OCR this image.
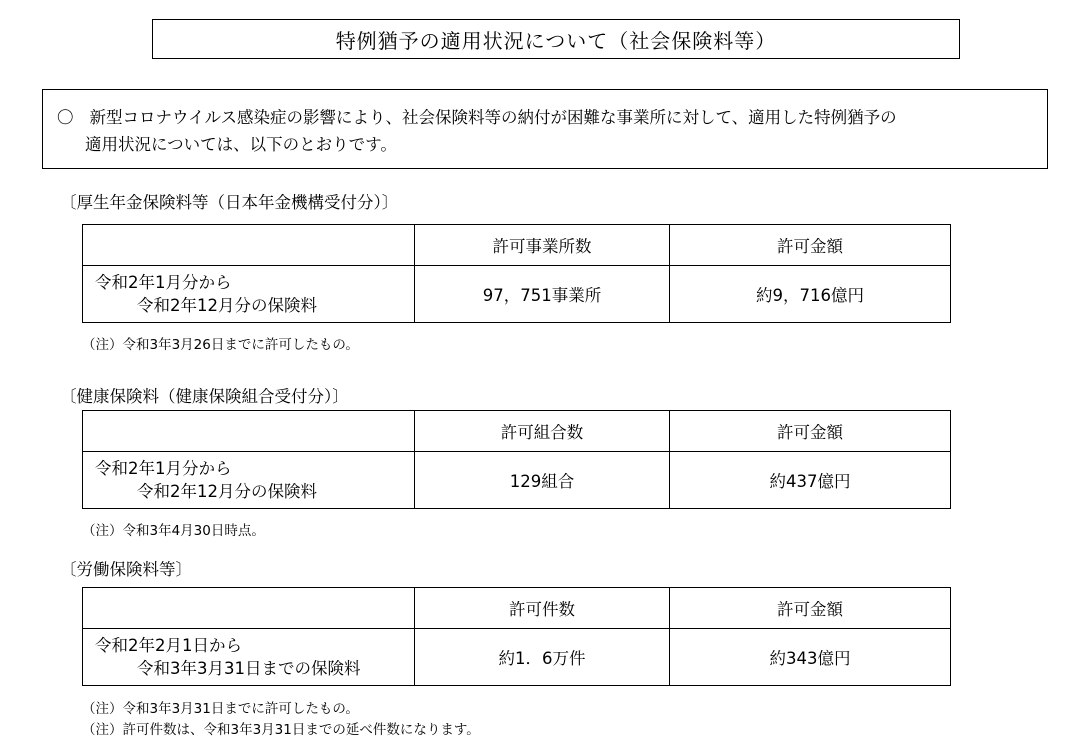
特例猶予の適用状況について（社会保険料等）
〇 新型コロナウイルス感染症の影響により、社会保険料等の納付が困難な事業所に対して、適用した特例猶予の
適用状況については、以下のとおりです。
〔厚生年金保険料等（日本年金機構受付分）〕
	許可事業所数	許可金額

令和2年1月分から
令和2年12月分の保険料	97，751事業所	約9，716億円
（注）令和3年3月26日までに許可したもの。
〔健康保険料（健康保険組合受付分）〕
	許可組合数	許可金額

令和2年1月分から
令和2年12月分の保険料	129組合	約437億円
（注）令和3年4月30日時点。
〔労働保険料等〕
	許可件数	許可金額

令和2年2月1日から
令和3年3月31日までの保険料	約1．6万件	約343億円
（注）令和3年3月31日までに許可したもの。
（注）許可件数は、令和3年3月31日までの延べ件数になります。
